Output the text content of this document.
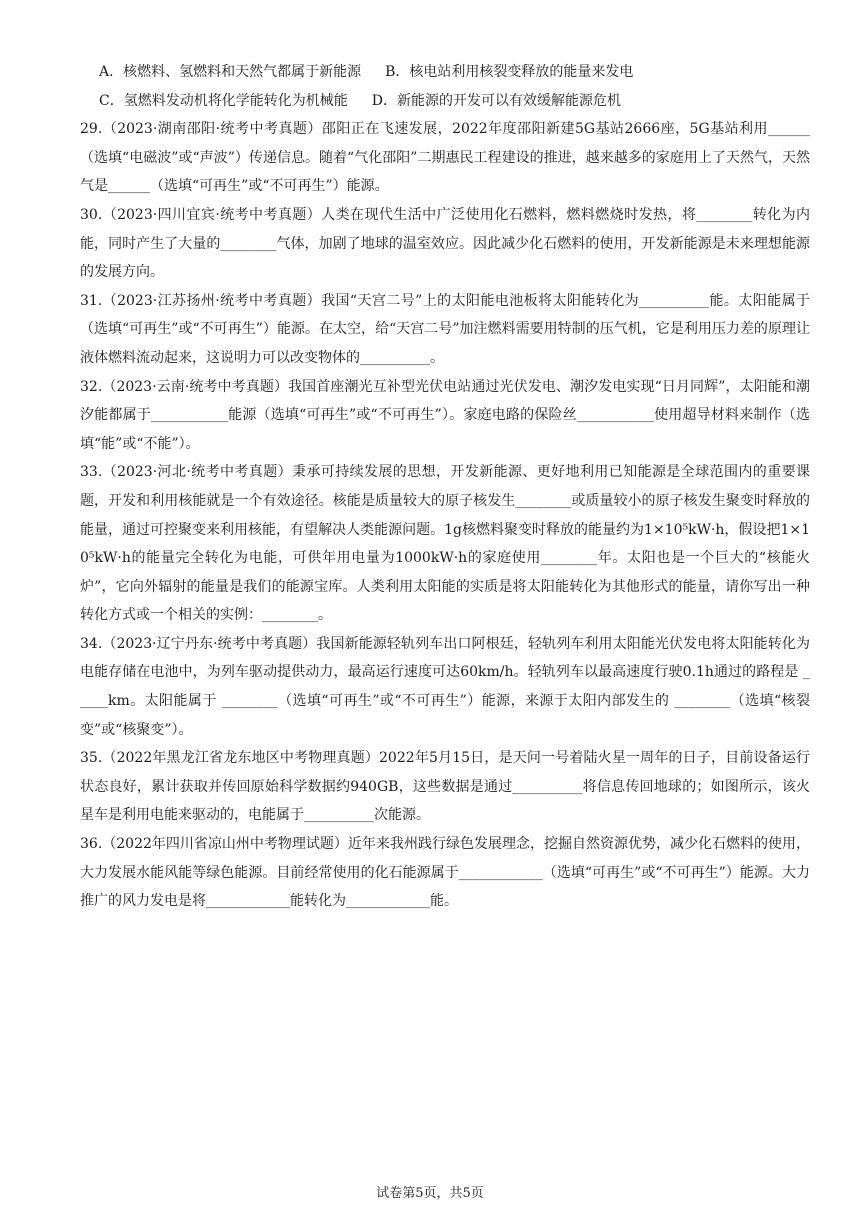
A．核燃料、氢燃料和天然气都属于新能源 B．核电站利用核裂变释放的能量来发电
C．氢燃料发动机将化学能转化为机械能 D．新能源的开发可以有效缓解能源危机
29.（2023·湖南邵阳·统考中考真题）邵阳正在飞速发展，2022年度邵阳新建5G基站2666座，5G基站利用______（选填“电磁波”或“声波”）传递信息。随着“气化邵阳”二期惠民工程建设的推进，越来越多的家庭用上了天然气，天然气是______（选填“可再生”或“不可再生”）能源。
30.（2023·四川宜宾·统考中考真题）人类在现代生活中广泛使用化石燃料，燃料燃烧时发热，将________转化为内能，同时产生了大量的________气体，加剧了地球的温室效应。因此减少化石燃料的使用，开发新能源是未来理想能源的发展方向。
31.（2023·江苏扬州·统考中考真题）我国“天宫二号”上的太阳能电池板将太阳能转化为__________能。太阳能属于（选填“可再生”或“不可再生”）能源。在太空，给“天宫二号”加注燃料需要用特制的压气机，它是利用压力差的原理让液体燃料流动起来，这说明力可以改变物体的__________。
32.（2023·云南·统考中考真题）我国首座潮光互补型光伏电站通过光伏发电、潮汐发电实现“日月同辉”，太阳能和潮汐能都属于___________能源（选填“可再生”或“不可再生”）。家庭电路的保险丝___________使用超导材料来制作（选填“能”或“不能”）。
33.（2023·河北·统考中考真题）秉承可持续发展的思想，开发新能源、更好地利用已知能源是全球范围内的重要课题，开发和利用核能就是一个有效途径。核能是质量较大的原子核发生________或质量较小的原子核发生聚变时释放的能量，通过可控聚变来利用核能，有望解决人类能源问题。1g核燃料聚变时释放的能量约为1×10⁵kW·h，假设把1×10⁵kW·h的能量完全转化为电能，可供年用电量为1000kW·h的家庭使用________年。太阳也是一个巨大的“核能火炉”，它向外辐射的能量是我们的能源宝库。人类利用太阳能的实质是将太阳能转化为其他形式的能量，请你写出一种转化方式或一个相关的实例：________。
34.（2023·辽宁丹东·统考中考真题）我国新能源轻轨列车出口阿根廷，轻轨列车利用太阳能光伏发电将太阳能转化为电能存储在电池中，为列车驱动提供动力，最高运行速度可达60km/h。轻轨列车以最高速度行驶0.1h通过的路程是 _____km。太阳能属于 ________（选填“可再生”或“不可再生”）能源，来源于太阳内部发生的 ________（选填“核裂变”或“核聚变”）。
35.（2022年黑龙江省龙东地区中考物理真题）2022年5月15日，是天问一号着陆火星一周年的日子，目前设备运行状态良好，累计获取并传回原始科学数据约940GB，这些数据是通过__________将信息传回地球的；如图所示，该火星车是利用电能来驱动的，电能属于__________次能源。
36.（2022年四川省凉山州中考物理试题）近年来我州践行绿色发展理念，挖掘自然资源优势，减少化石燃料的使用，大力发展水能风能等绿色能源。目前经常使用的化石能源属于____________（选填“可再生”或“不可再生”）能源。大力推广的风力发电是将____________能转化为____________能。
试卷第5页，共5页
